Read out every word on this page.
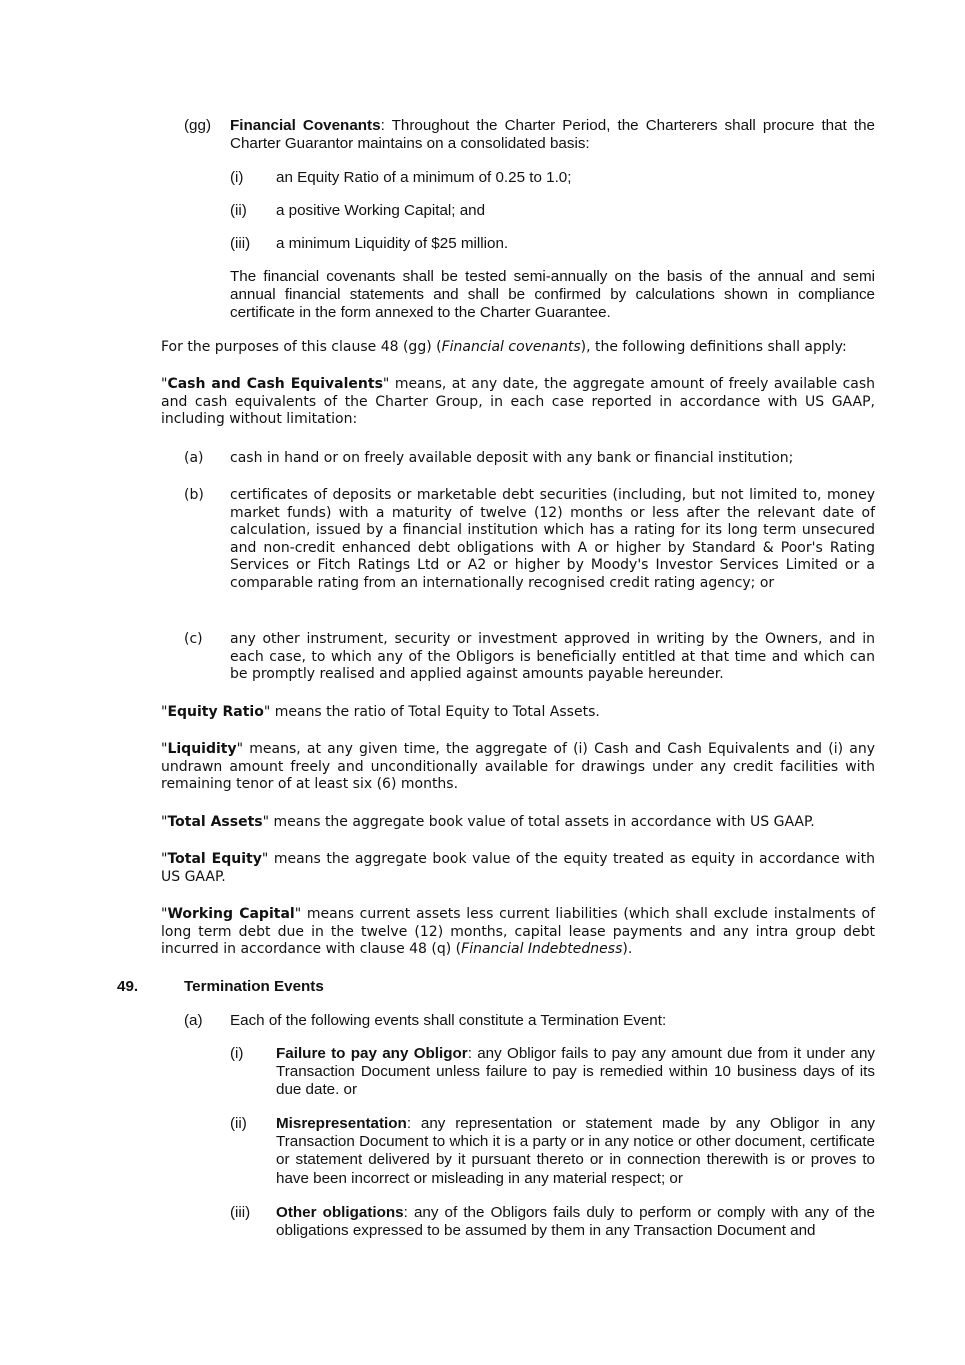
(gg) Financial Covenants: Throughout the Charter Period, the Charterers shall procure that the Charter Guarantor maintains on a consolidated basis:

(i) an Equity Ratio of a minimum of 0.25 to 1.0;

(ii) a positive Working Capital; and

(iii) a minimum Liquidity of $25 million.

The financial covenants shall be tested semi-annually on the basis of the annual and semi annual financial statements and shall be confirmed by calculations shown in compliance certificate in the form annexed to the Charter Guarantee.

For the purposes of this clause 48 (gg) (Financial covenants), the following definitions shall apply:

"Cash and Cash Equivalents" means, at any date, the aggregate amount of freely available cash and cash equivalents of the Charter Group, in each case reported in accordance with US GAAP, including without limitation:

(a) cash in hand or on freely available deposit with any bank or financial institution;

(b) certificates of deposits or marketable debt securities (including, but not limited to, money market funds) with a maturity of twelve (12) months or less after the relevant date of calculation, issued by a financial institution which has a rating for its long term unsecured and non-credit enhanced debt obligations with A or higher by Standard & Poor's Rating Services or Fitch Ratings Ltd or A2 or higher by Moody's Investor Services Limited or a comparable rating from an internationally recognised credit rating agency; or

(c) any other instrument, security or investment approved in writing by the Owners, and in each case, to which any of the Obligors is beneficially entitled at that time and which can be promptly realised and applied against amounts payable hereunder.

"Equity Ratio" means the ratio of Total Equity to Total Assets.

"Liquidity" means, at any given time, the aggregate of (i) Cash and Cash Equivalents and (i) any undrawn amount freely and unconditionally available for drawings under any credit facilities with remaining tenor of at least six (6) months.

"Total Assets" means the aggregate book value of total assets in accordance with US GAAP.

"Total Equity" means the aggregate book value of the equity treated as equity in accordance with US GAAP.

"Working Capital" means current assets less current liabilities (which shall exclude instalments of long term debt due in the twelve (12) months, capital lease payments and any intra group debt incurred in accordance with clause 48 (q) (Financial Indebtedness).

49.	Termination Events
(a) Each of the following events shall constitute a Termination Event:

(i) Failure to pay any Obligor: any Obligor fails to pay any amount due from it under any Transaction Document unless failure to pay is remedied within 10 business days of its due date. or

(ii) Misrepresentation: any representation or statement made by any Obligor in any Transaction Document to which it is a party or in any notice or other document, certificate or statement delivered by it pursuant thereto or in connection therewith is or proves to have been incorrect or misleading in any material respect; or

(iii) Other obligations: any of the Obligors fails duly to perform or comply with any of the obligations expressed to be assumed by them in any Transaction Document and
